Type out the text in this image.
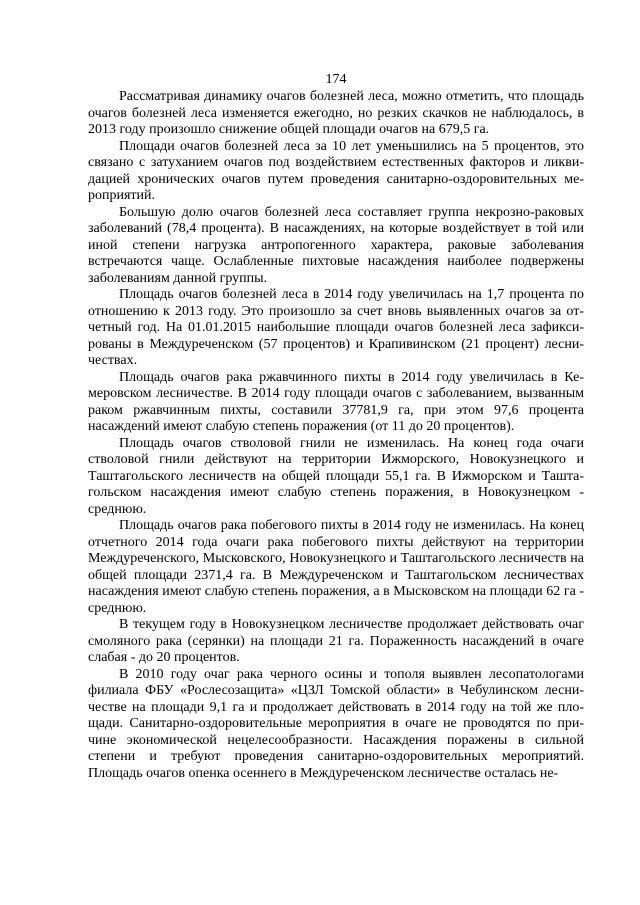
174

Рассматривая динамику очагов болезней леса, можно отметить, что площадь очагов болезней леса изменяется ежегодно, но резких скачков не наблюдалось, в 2013 году произошло снижение общей площади очагов на 679,5 га.

Площади очагов болезней леса за 10 лет уменьшились на 5 процентов, это связано с затуханием очагов под воздействием естественных факторов и ликвидацией хронических очагов путем проведения санитарно-оздоровительных мероприятий.

Большую долю очагов болезней леса составляет группа некрозно-раковых заболеваний (78,4 процента). В насаждениях, на которые воздействует в той или иной степени нагрузка антропогенного характера, раковые заболевания встречаются чаще. Ослабленные пихтовые насаждения наиболее подвержены заболеваниям данной группы.

Площадь очагов болезней леса в 2014 году увеличилась на 1,7 процента по отношению к 2013 году. Это произошло за счет вновь выявленных очагов за отчетный год. На 01.01.2015 наибольшие площади очагов болезней леса зафиксированы в Междуреченском (57 процентов) и Крапивинском (21 процент) лесничествах.

Площадь очагов рака ржавчинного пихты в 2014 году увеличилась в Кемеровском лесничестве. В 2014 году площади очагов с заболеванием, вызванным раком ржавчинным пихты, составили 37781,9 га, при этом 97,6 процента насаждений имеют слабую степень поражения (от 11 до 20 процентов).

Площадь очагов стволовой гнили не изменилась. На конец года очаги стволовой гнили действуют на территории Ижморского, Новокузнецкого и Таштагольского лесничеств на общей площади 55,1 га. В Ижморском и Таштагольском насаждения имеют слабую степень поражения, в Новокузнецком - среднюю.

Площадь очагов рака побегового пихты в 2014 году не изменилась. На конец отчетного 2014 года очаги рака побегового пихты действуют на территории Междуреченского, Мысковского, Новокузнецкого и Таштагольского лесничеств на общей площади 2371,4 га. В Междуреченском и Таштагольском лесничествах насаждения имеют слабую степень поражения, а в Мысковском на площади 62 га - среднюю.

В текущем году в Новокузнецком лесничестве продолжает действовать очаг смоляного рака (серянки) на площади 21 га. Пораженность насаждений в очаге слабая - до 20 процентов.

В 2010 году очаг рака черного осины и тополя выявлен лесопатологами филиала ФБУ «Рослесозащита» «ЦЗЛ Томской области» в Чебулинском лесничестве на площади 9,1 га и продолжает действовать в 2014 году на той же площади. Санитарно-оздоровительные мероприятия в очаге не проводятся по причине экономической нецелесообразности. Насаждения поражены в сильной степени и требуют проведения санитарно-оздоровительных мероприятий. Площадь очагов опенка осеннего в Междуреченском лесничестве осталась не-
